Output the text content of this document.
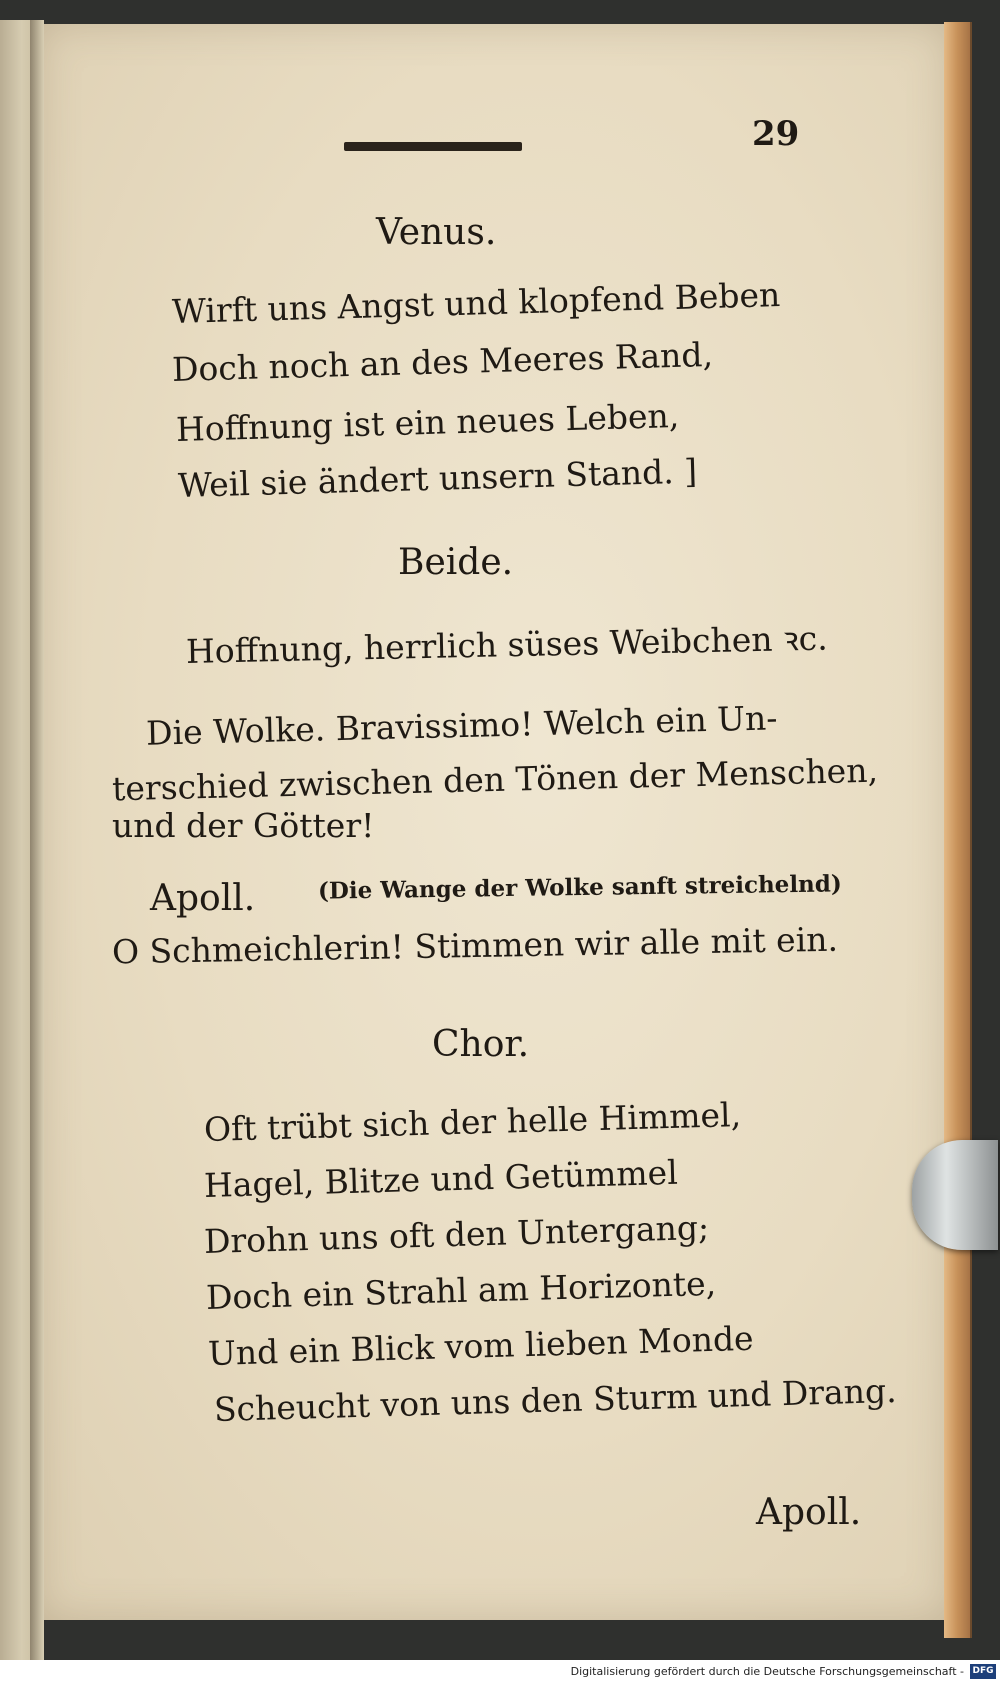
29
Venus.
Wirft uns Angst und klopfend Beben
Doch noch an des Meeres Rand,
Hoffnung ist ein neues Leben,
Weil sie ändert unsern Stand. ]
Beide.
Hoffnung, herrlich süses Weibchen ꝛc.
Die Wolke. Bravissimo! Welch ein Un-
terschied zwischen den Tönen der Menschen,
und der Götter!
Apoll.	(Die Wange der Wolke sanft streichelnd)
O Schmeichlerin! Stimmen wir alle mit ein.
Chor.
Oft trübt sich der helle Himmel,
Hagel, Blitze und Getümmel
Drohn uns oft den Untergang;
Doch ein Strahl am Horizonte,
Und ein Blick vom lieben Monde
Scheucht von uns den Sturm und Drang.
Apoll.
Digitalisierung gefördert durch die Deutsche Forschungsgemeinschaft - DFG
